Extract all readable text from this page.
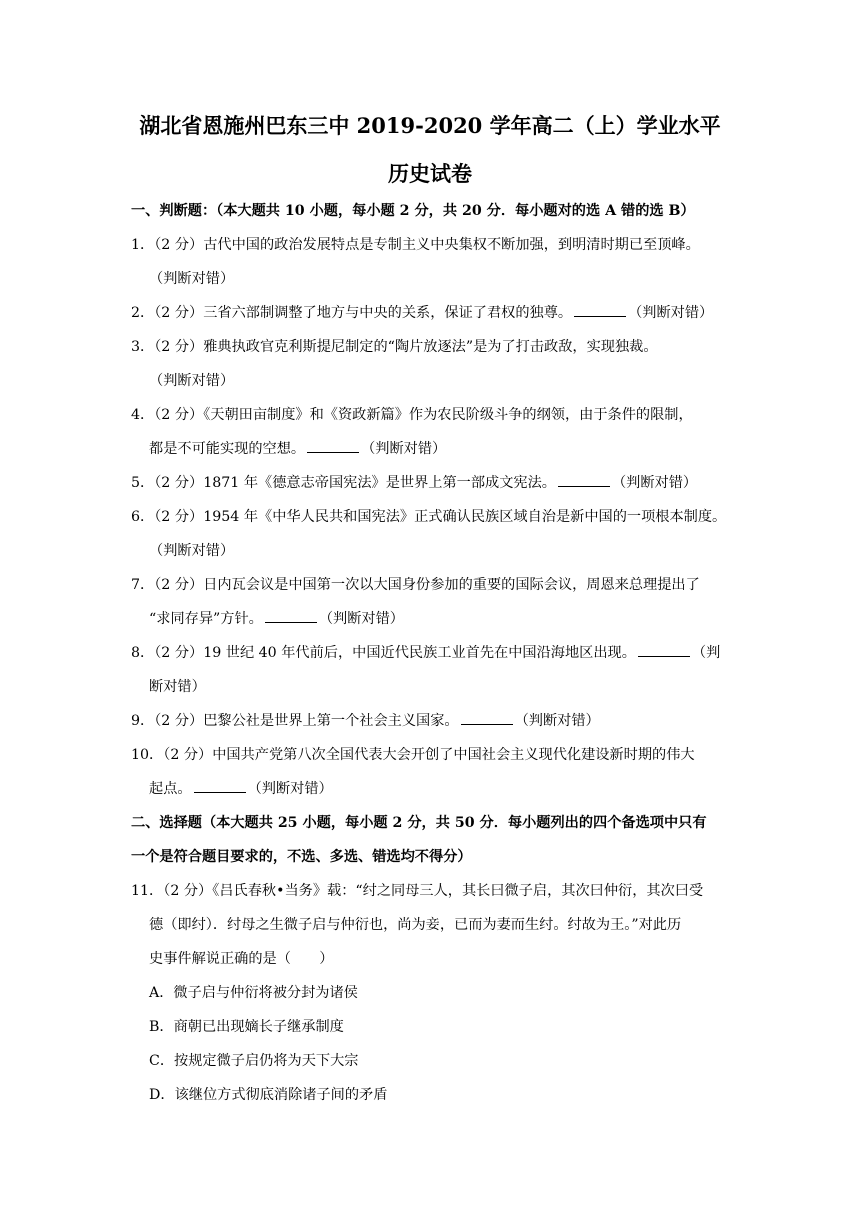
湖北省恩施州巴东三中 2019-2020 学年高二（上）学业水平
历史试卷
一、判断题：（本大题共 10 小题，每小题 2 分，共 20 分．每小题对的选 A 错的选 B）
1．（2 分）古代中国的政治发展特点是专制主义中央集权不断加强，到明清时期已至顶峰。
（判断对错）
2．（2 分）三省六部制调整了地方与中央的关系，保证了君权的独尊。	（判断对错）
3．（2 分）雅典执政官克利斯提尼制定的“陶片放逐法”是为了打击政敌，实现独裁。
（判断对错）
4．（2 分）《天朝田亩制度》和《资政新篇》作为农民阶级斗争的纲领，由于条件的限制，
都是不可能实现的空想。	（判断对错）
5．（2 分）1871 年《德意志帝国宪法》是世界上第一部成文宪法。	（判断对错）
6．（2 分）1954 年《中华人民共和国宪法》正式确认民族区域自治是新中国的一项根本制度。
（判断对错）
7．（2 分）日内瓦会议是中国第一次以大国身份参加的重要的国际会议，周恩来总理提出了
“求同存异”方针。	（判断对错）
8．（2 分）19 世纪 40 年代前后，中国近代民族工业首先在中国沿海地区出现。	（判
断对错）
9．（2 分）巴黎公社是世界上第一个社会主义国家。	（判断对错）
10．（2 分）中国共产党第八次全国代表大会开创了中国社会主义现代化建设新时期的伟大
起点。	（判断对错）
二、选择题（本大题共 25 小题，每小题 2 分，共 50 分．每小题列出的四个备选项中只有
一个是符合题目要求的，不选、多选、错选均不得分）
11．（2 分）《吕氏春秋•当务》载：“纣之同母三人，其长曰微子启，其次曰仲衍，其次曰受
德（即纣）．纣母之生微子启与仲衍也，尚为妾，已而为妻而生纣。纣故为王。”对此历
史事件解说正确的是（　　）
A．微子启与仲衍将被分封为诸侯
B．商朝已出现嫡长子继承制度
C．按规定微子启仍将为天下大宗
D．该继位方式彻底消除诸子间的矛盾
